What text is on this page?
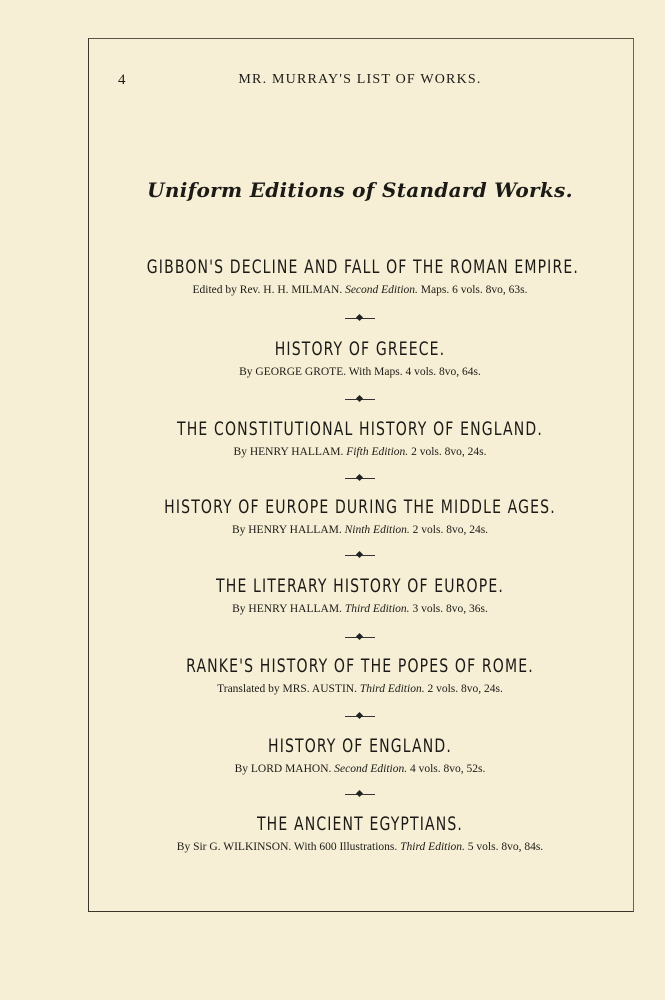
4	MR. MURRAY'S LIST OF WORKS.
Uniform Editions of Standard Works.
GIBBON'S DECLINE AND FALL OF THE ROMAN EMPIRE.
Edited by Rev. H. H. MILMAN. Second Edition. Maps. 6 vols. 8vo, 63s.
HISTORY OF GREECE.
By GEORGE GROTE. With Maps. 4 vols. 8vo, 64s.
THE CONSTITUTIONAL HISTORY OF ENGLAND.
By HENRY HALLAM. Fifth Edition. 2 vols. 8vo, 24s.
HISTORY OF EUROPE DURING THE MIDDLE AGES.
By HENRY HALLAM. Ninth Edition. 2 vols. 8vo, 24s.
THE LITERARY HISTORY OF EUROPE.
By HENRY HALLAM. Third Edition. 3 vols. 8vo, 36s.
RANKE'S HISTORY OF THE POPES OF ROME.
Translated by MRS. AUSTIN. Third Edition. 2 vols. 8vo, 24s.
HISTORY OF ENGLAND.
By LORD MAHON. Second Edition. 4 vols. 8vo, 52s.
THE ANCIENT EGYPTIANS.
By Sir G. WILKINSON. With 600 Illustrations. Third Edition. 5 vols. 8vo, 84s.
